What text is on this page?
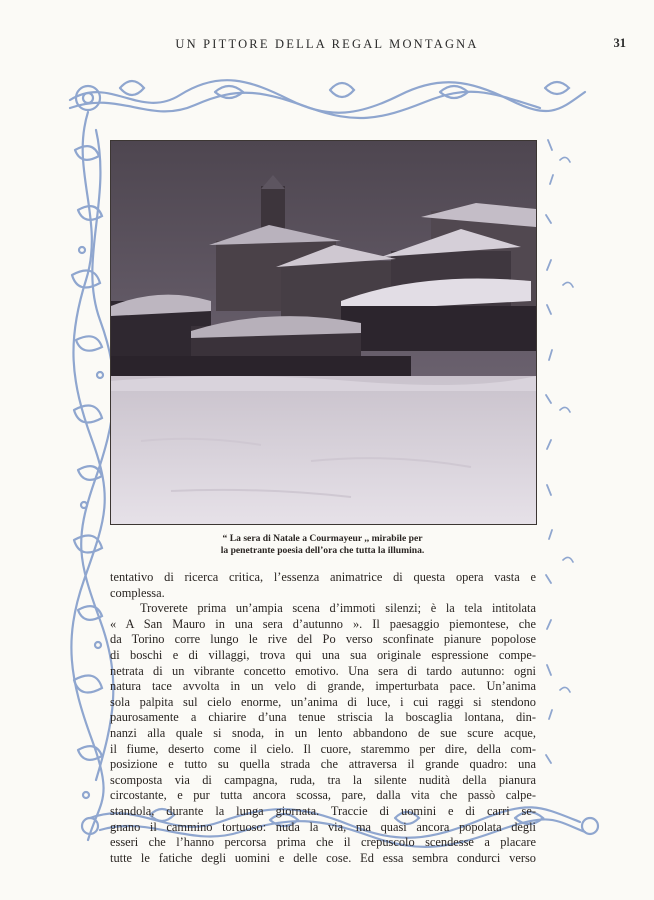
UN PITTORE DELLA REGAL MONTAGNA	31
“ La sera di Natale a Courmayeur ,, mirabile per
la penetrante poesia dell’ora che tutta la illumina.
tentativo di ricerca critica, l’essenza animatrice di questa opera vasta e
complessa.
Troverete prima un’ampia scena d’immoti silenzi; è la tela intitolata
« A San Mauro in una sera d’autunno ». Il paesaggio piemontese, che
da Torino corre lungo le rive del Po verso sconfinate pianure popolose
di boschi e di villaggi, trova qui una sua originale espressione compe-
netrata di un vibrante concetto emotivo. Una sera di tardo autunno: ogni
natura tace avvolta in un velo di grande, imperturbata pace. Un’anima
sola palpita sul cielo enorme, un’anima di luce, i cui raggi si stendono
paurosamente a chiarire d’una tenue striscia la boscaglia lontana, din-
nanzi alla quale si snoda, in un lento abbandono de sue scure acque,
il fiume, deserto come il cielo. Il cuore, staremmo per dire, della com-
posizione e tutto su quella strada che attraversa il grande quadro: una
scomposta via di campagna, ruda, tra la silente nudità della pianura
circostante, e pur tutta ancora scossa, pare, dalla vita che passò calpe-
standola, durante la lunga giornata. Traccie di uomini e di carri se-
gnano il cammino tortuoso: nuda la via, ma quasi ancora popolata degli
esseri che l’hanno percorsa prima che il crepuscolo scendesse a placare
tutte le fatiche degli uomini e delle cose. Ed essa sembra condurci verso
